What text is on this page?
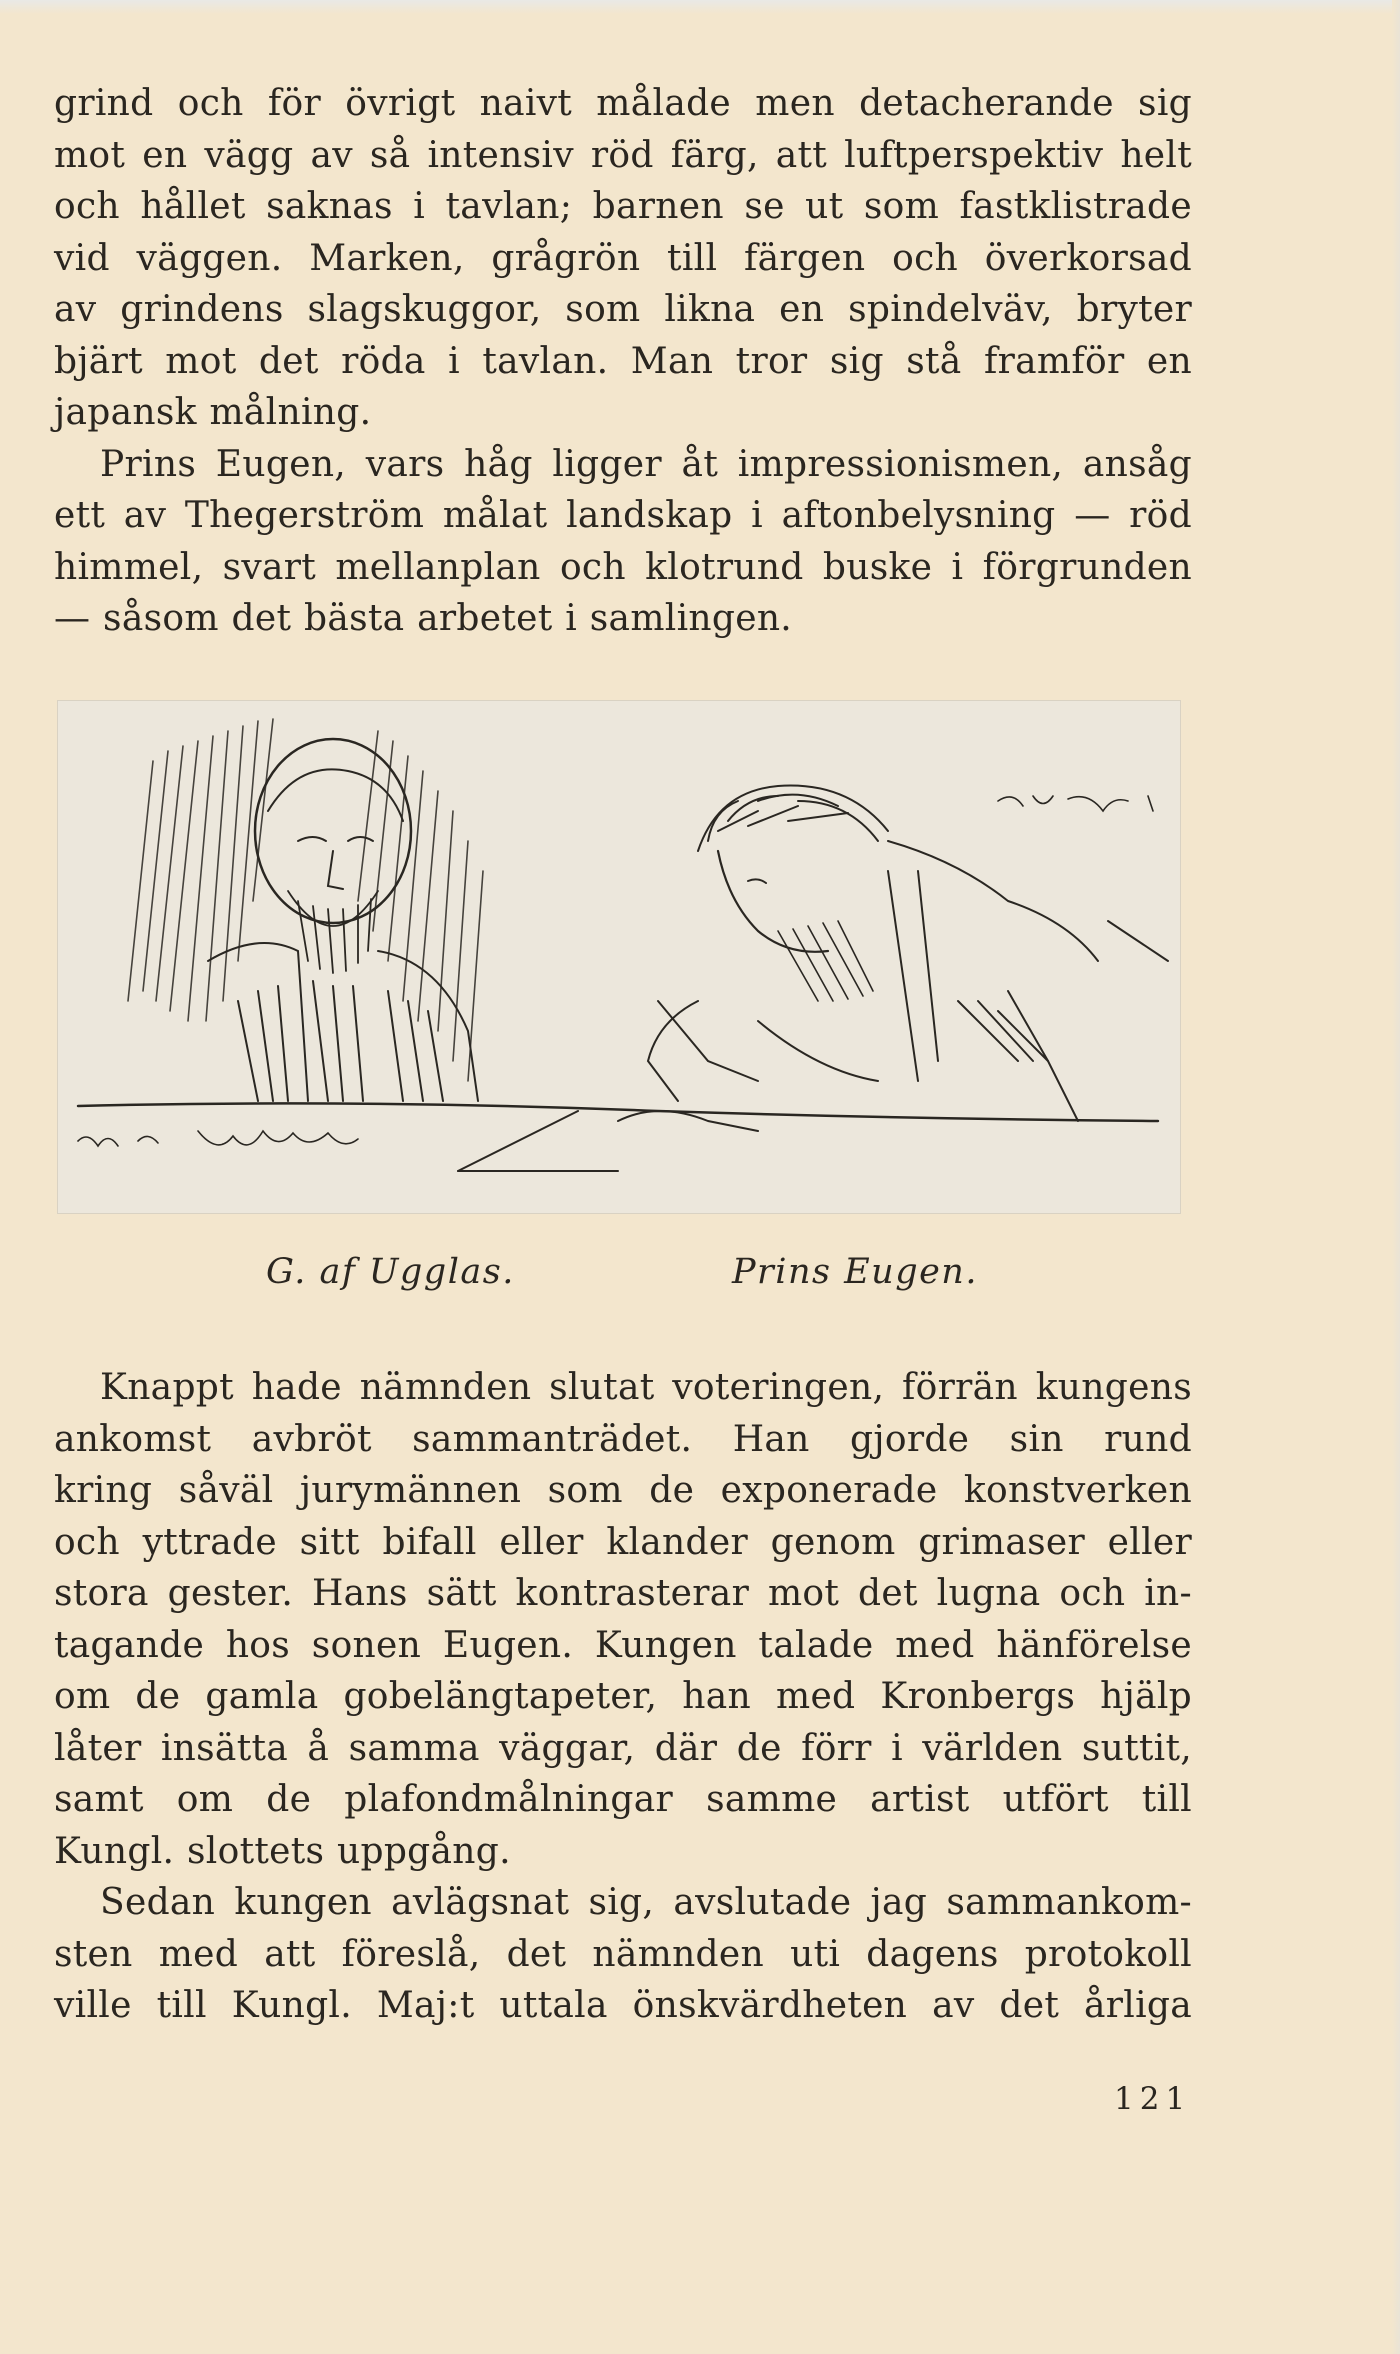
grind och för övrigt naivt målade men detacherande sig

mot en vägg av så intensiv röd färg, att luftperspektiv helt

och hållet saknas i tavlan; barnen se ut som fastklistrade

vid väggen. Marken, grågrön till färgen och överkorsad

av grindens slagskuggor, som likna en spindelväv, bryter

bjärt mot det röda i tavlan. Man tror sig stå framför en

japansk målning.

Prins Eugen, vars håg ligger åt impressionismen, ansåg

ett av Thegerström målat landskap i aftonbelysning — röd

himmel, svart mellanplan och klotrund buske i förgrunden

— såsom det bästa arbetet i samlingen.

G. af Ugglas.	Prins Eugen.

Knappt hade nämnden slutat voteringen, förrän kungens

ankomst avbröt sammanträdet. Han gjorde sin rund

kring såväl jurymännen som de exponerade konstverken

och yttrade sitt bifall eller klander genom grimaser eller

stora gester. Hans sätt kontrasterar mot det lugna och in-

tagande hos sonen Eugen. Kungen talade med hänförelse

om de gamla gobelängtapeter, han med Kronbergs hjälp

låter insätta å samma väggar, där de förr i världen suttit,

samt om de plafondmålningar samme artist utfört till

Kungl. slottets uppgång.

Sedan kungen avlägsnat sig, avslutade jag sammankom-

sten med att föreslå, det nämnden uti dagens protokoll

ville till Kungl. Maj:t uttala önskvärdheten av det årliga

121
